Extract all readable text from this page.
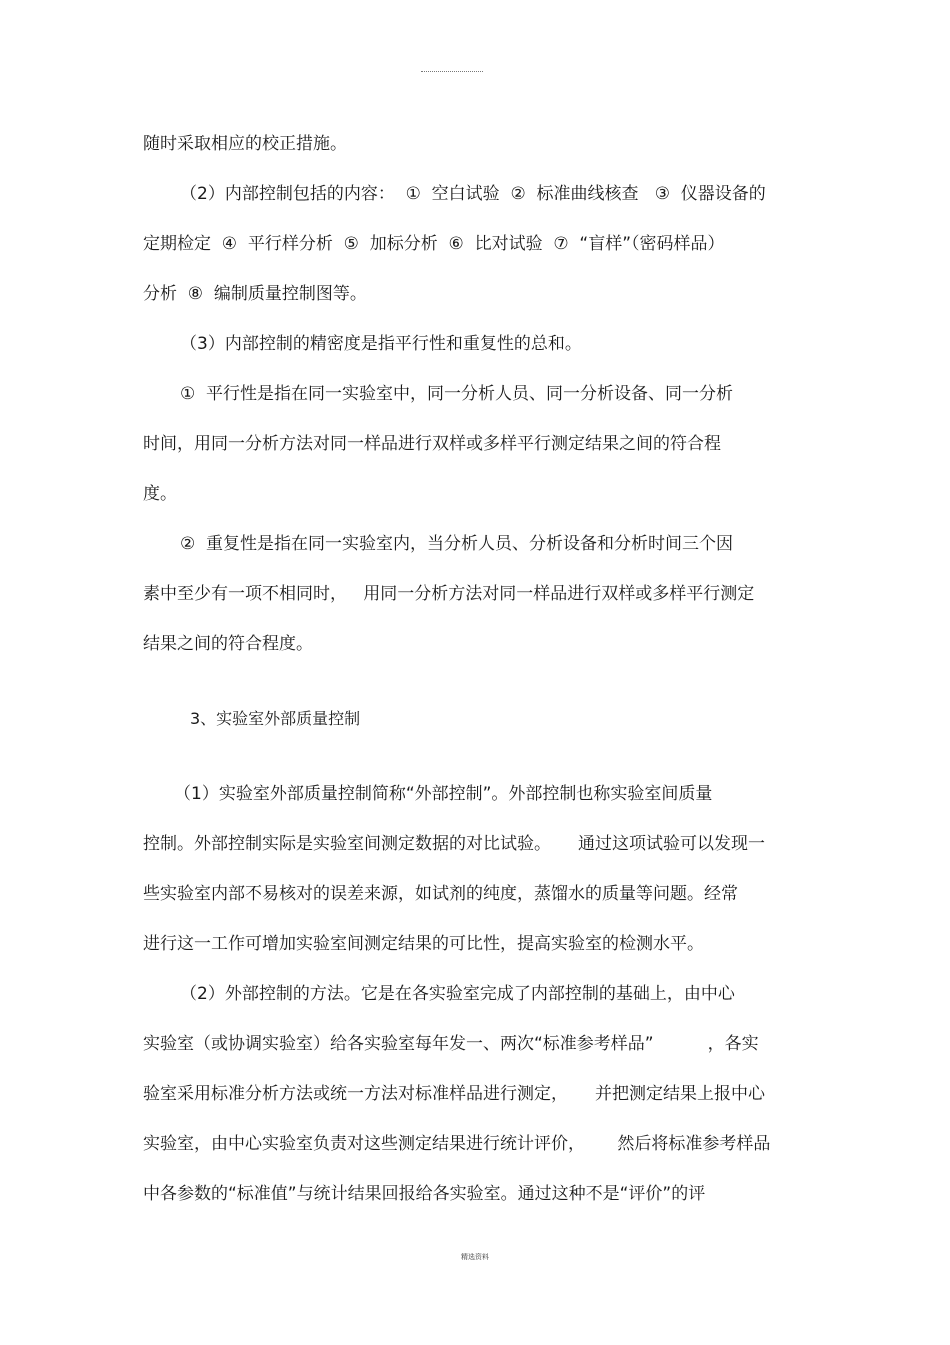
随时采取相应的校正措施。
（2）内部控制包括的内容：  ①  空白试验  ②  标准曲线核查   ③  仪器设备的
定期检定  ④  平行样分析  ⑤  加标分析  ⑥  比对试验  ⑦  “盲样”（密码样品）
分析  ⑧  编制质量控制图等。
（3）内部控制的精密度是指平行性和重复性的总和。
①  平行性是指在同一实验室中，同一分析人员、同一分析设备、同一分析
时间，用同一分析方法对同一样品进行双样或多样平行测定结果之间的符合程
度。
②  重复性是指在同一实验室内，当分析人员、分析设备和分析时间三个因
素中至少有一项不相同时，   用同一分析方法对同一样品进行双样或多样平行测定
结果之间的符合程度。
3、实验室外部质量控制
（1）实验室外部质量控制简称“外部控制”。外部控制也称实验室间质量
控制。外部控制实际是实验室间测定数据的对比试验。     通过这项试验可以发现一
些实验室内部不易核对的误差来源，如试剂的纯度，蒸馏水的质量等问题。经常
进行这一工作可增加实验室间测定结果的可比性，提高实验室的检测水平。
（2）外部控制的方法。它是在各实验室完成了内部控制的基础上，由中心
实验室（或协调实验室）给各实验室每年发一、两次“标准参考样品”          ，各实
验室采用标准分析方法或统一方法对标准样品进行测定，     并把测定结果上报中心
实验室，由中心实验室负责对这些测定结果进行统计评价，      然后将标准参考样品
中各参数的“标准值”与统计结果回报给各实验室。通过这种不是“评价”的评
精选资料
